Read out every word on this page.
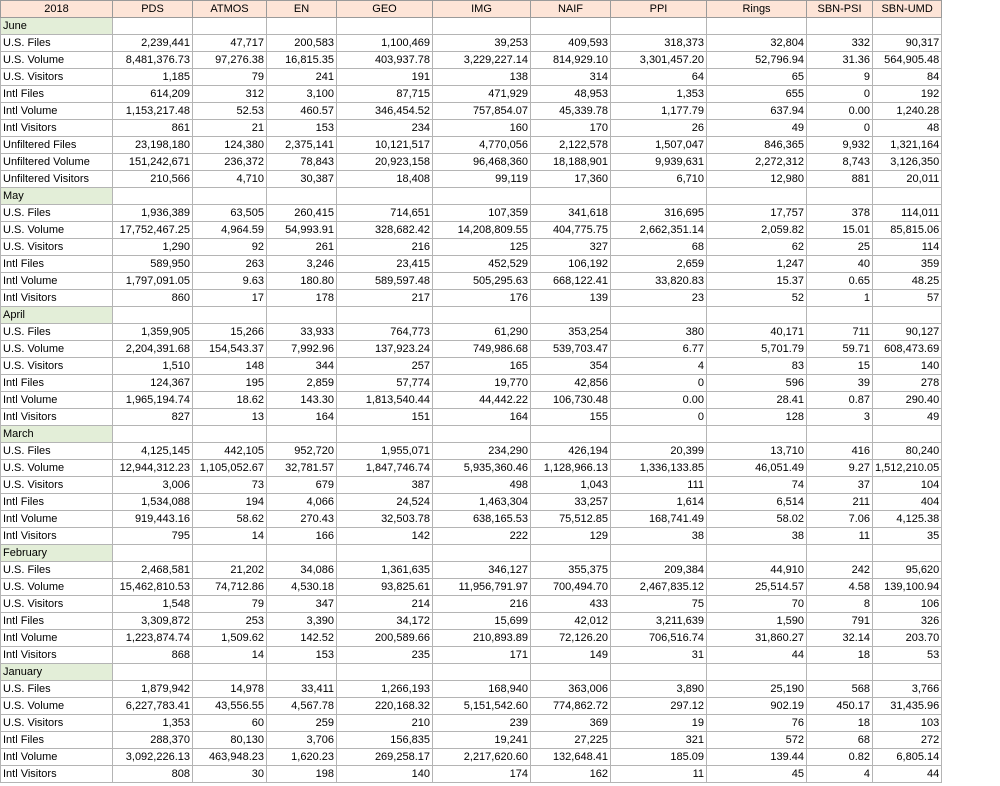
2018	PDS	ATMOS	EN	GEO	IMG	NAIF	PPI	Rings	SBN-PSI	SBN-UMD
June										
U.S. Files	2,239,441	47,717	200,583	1,100,469	39,253	409,593	318,373	32,804	332	90,317
U.S. Volume	8,481,376.73	97,276.38	16,815.35	403,937.78	3,229,227.14	814,929.10	3,301,457.20	52,796.94	31.36	564,905.48
U.S. Visitors	1,185	79	241	191	138	314	64	65	9	84
Intl Files	614,209	312	3,100	87,715	471,929	48,953	1,353	655	0	192
Intl Volume	1,153,217.48	52.53	460.57	346,454.52	757,854.07	45,339.78	1,177.79	637.94	0.00	1,240.28
Intl Visitors	861	21	153	234	160	170	26	49	0	48
Unfiltered Files	23,198,180	124,380	2,375,141	10,121,517	4,770,056	2,122,578	1,507,047	846,365	9,932	1,321,164
Unfiltered Volume	151,242,671	236,372	78,843	20,923,158	96,468,360	18,188,901	9,939,631	2,272,312	8,743	3,126,350
Unfiltered Visitors	210,566	4,710	30,387	18,408	99,119	17,360	6,710	12,980	881	20,011
May										
U.S. Files	1,936,389	63,505	260,415	714,651	107,359	341,618	316,695	17,757	378	114,011
U.S. Volume	17,752,467.25	4,964.59	54,993.91	328,682.42	14,208,809.55	404,775.75	2,662,351.14	2,059.82	15.01	85,815.06
U.S. Visitors	1,290	92	261	216	125	327	68	62	25	114
Intl Files	589,950	263	3,246	23,415	452,529	106,192	2,659	1,247	40	359
Intl Volume	1,797,091.05	9.63	180.80	589,597.48	505,295.63	668,122.41	33,820.83	15.37	0.65	48.25
Intl Visitors	860	17	178	217	176	139	23	52	1	57
April										
U.S. Files	1,359,905	15,266	33,933	764,773	61,290	353,254	380	40,171	711	90,127
U.S. Volume	2,204,391.68	154,543.37	7,992.96	137,923.24	749,986.68	539,703.47	6.77	5,701.79	59.71	608,473.69
U.S. Visitors	1,510	148	344	257	165	354	4	83	15	140
Intl Files	124,367	195	2,859	57,774	19,770	42,856	0	596	39	278
Intl Volume	1,965,194.74	18.62	143.30	1,813,540.44	44,442.22	106,730.48	0.00	28.41	0.87	290.40
Intl Visitors	827	13	164	151	164	155	0	128	3	49
March										
U.S. Files	4,125,145	442,105	952,720	1,955,071	234,290	426,194	20,399	13,710	416	80,240
U.S. Volume	12,944,312.23	1,105,052.67	32,781.57	1,847,746.74	5,935,360.46	1,128,966.13	1,336,133.85	46,051.49	9.27	1,512,210.05
U.S. Visitors	3,006	73	679	387	498	1,043	111	74	37	104
Intl Files	1,534,088	194	4,066	24,524	1,463,304	33,257	1,614	6,514	211	404
Intl Volume	919,443.16	58.62	270.43	32,503.78	638,165.53	75,512.85	168,741.49	58.02	7.06	4,125.38
Intl Visitors	795	14	166	142	222	129	38	38	11	35
February										
U.S. Files	2,468,581	21,202	34,086	1,361,635	346,127	355,375	209,384	44,910	242	95,620
U.S. Volume	15,462,810.53	74,712.86	4,530.18	93,825.61	11,956,791.97	700,494.70	2,467,835.12	25,514.57	4.58	139,100.94
U.S. Visitors	1,548	79	347	214	216	433	75	70	8	106
Intl Files	3,309,872	253	3,390	34,172	15,699	42,012	3,211,639	1,590	791	326
Intl Volume	1,223,874.74	1,509.62	142.52	200,589.66	210,893.89	72,126.20	706,516.74	31,860.27	32.14	203.70
Intl Visitors	868	14	153	235	171	149	31	44	18	53
January										
U.S. Files	1,879,942	14,978	33,411	1,266,193	168,940	363,006	3,890	25,190	568	3,766
U.S. Volume	6,227,783.41	43,556.55	4,567.78	220,168.32	5,151,542.60	774,862.72	297.12	902.19	450.17	31,435.96
U.S. Visitors	1,353	60	259	210	239	369	19	76	18	103
Intl Files	288,370	80,130	3,706	156,835	19,241	27,225	321	572	68	272
Intl Volume	3,092,226.13	463,948.23	1,620.23	269,258.17	2,217,620.60	132,648.41	185.09	139.44	0.82	6,805.14
Intl Visitors	808	30	198	140	174	162	11	45	4	44
